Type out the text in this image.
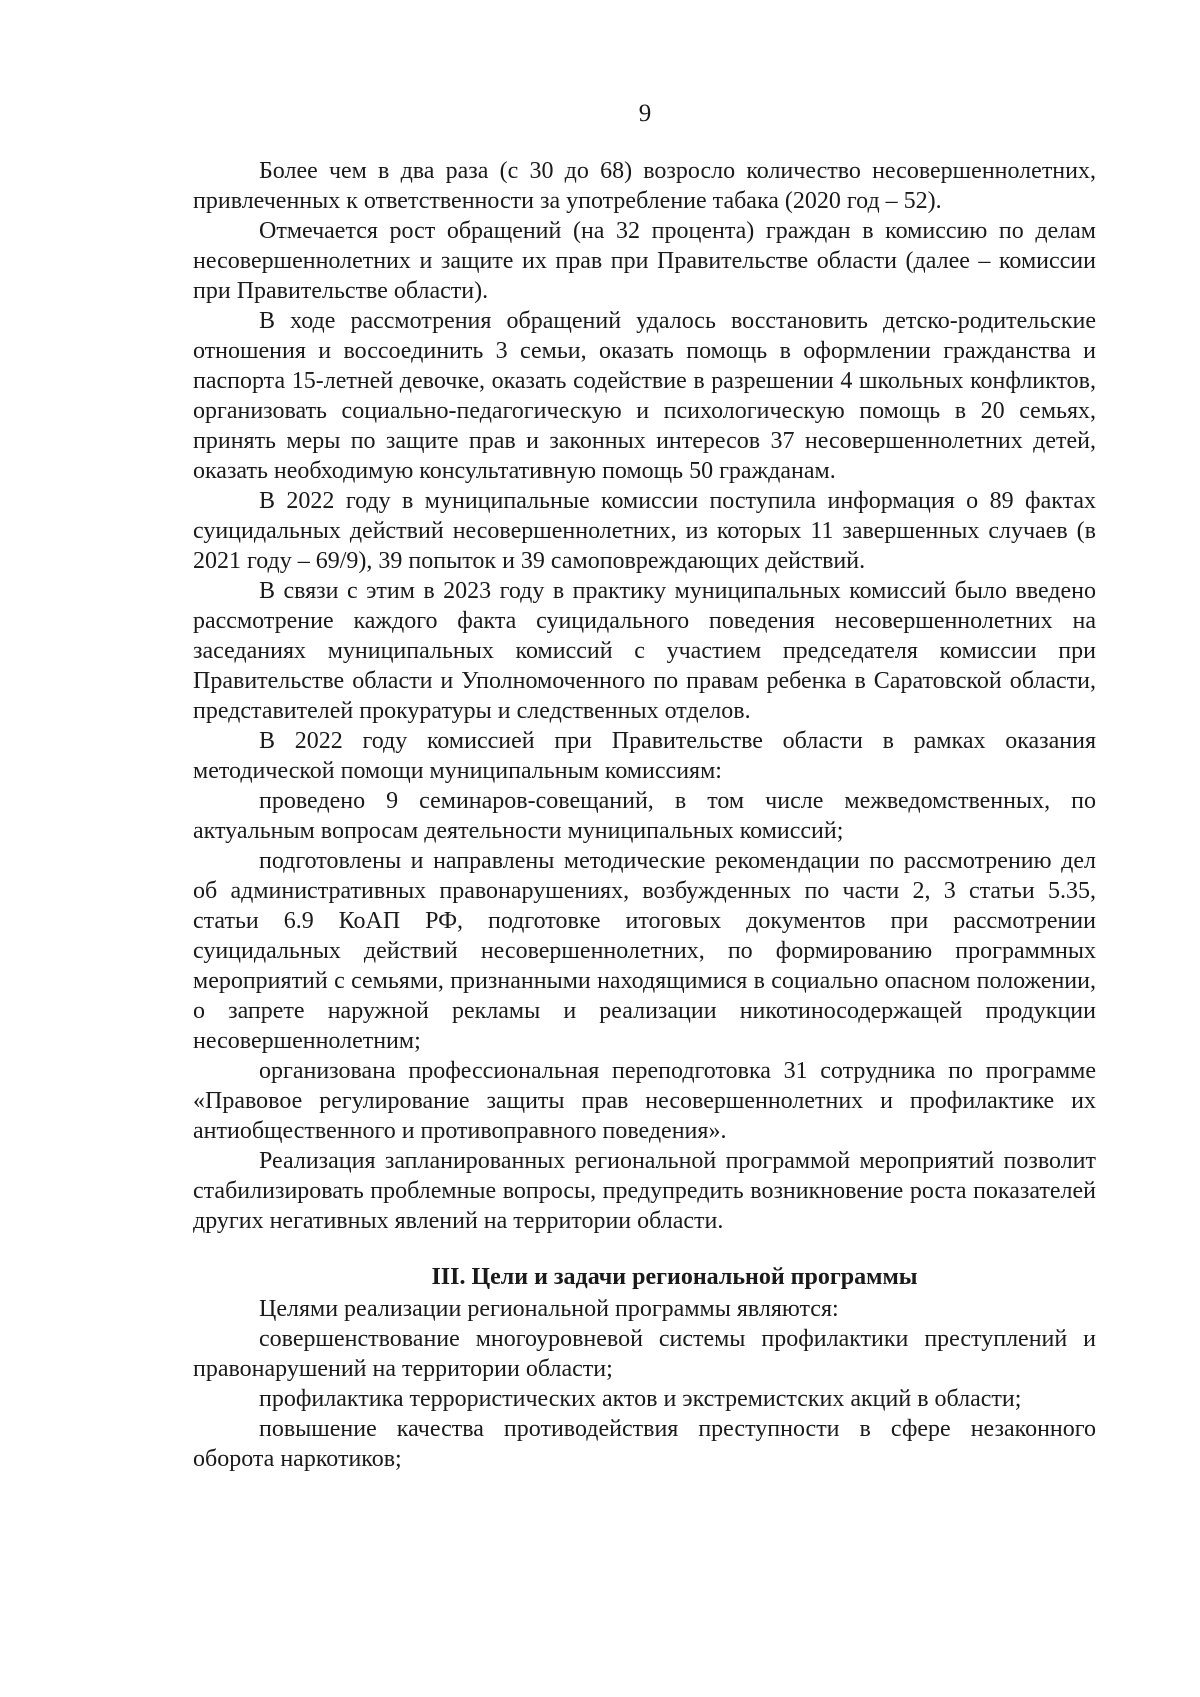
9

Более чем в два раза (с 30 до 68) возросло количество несовершеннолетних, привлеченных к ответственности за употребление табака (2020 год – 52).

Отмечается рост обращений (на 32 процента) граждан в комиссию по делам несовершеннолетних и защите их прав при Правительстве области (далее – комиссии при Правительстве области).

В ходе рассмотрения обращений удалось восстановить детско-родительские отношения и воссоединить 3 семьи, оказать помощь в оформлении гражданства и паспорта 15-летней девочке, оказать содействие в разрешении 4 школьных конфликтов, организовать социально-педагогическую и психологическую помощь в 20 семьях, принять меры по защите прав и законных интересов 37 несовершеннолетних детей, оказать необходимую консультативную помощь 50 гражданам.

В 2022 году в муниципальные комиссии поступила информация о 89 фактах суицидальных действий несовершеннолетних, из которых 11 завершенных случаев (в 2021 году – 69/9), 39 попыток и 39 самоповреждающих действий.

В связи с этим в 2023 году в практику муниципальных комиссий было введено рассмотрение каждого факта суицидального поведения несовершеннолетних на заседаниях муниципальных комиссий с участием председателя комиссии при Правительстве области и Уполномоченного по правам ребенка в Саратовской области, представителей прокуратуры и следственных отделов.

В 2022 году комиссией при Правительстве области в рамках оказания методической помощи муниципальным комиссиям:

проведено 9 семинаров-совещаний, в том числе межведомственных, по актуальным вопросам деятельности муниципальных комиссий;

подготовлены и направлены методические рекомендации по рассмотрению дел об административных правонарушениях, возбужденных по части 2, 3 статьи 5.35, статьи 6.9 КоАП РФ, подготовке итоговых документов при рассмотрении суицидальных действий несовершеннолетних, по формированию программных мероприятий с семьями, признанными находящимися в социально опасном положении, о запрете наружной рекламы и реализации никотиносодержащей продукции несовершеннолетним;

организована профессиональная переподготовка 31 сотрудника по программе «Правовое регулирование защиты прав несовершеннолетних и профилактике их антиобщественного и противоправного поведения».

Реализация запланированных региональной программой мероприятий позволит стабилизировать проблемные вопросы, предупредить возникновение роста показателей других негативных явлений на территории области.

III. Цели и задачи региональной программы

Целями реализации региональной программы являются:

совершенствование многоуровневой системы профилактики преступлений и правонарушений на территории области;

профилактика террористических актов и экстремистских акций в области;

повышение качества противодействия преступности в сфере незаконного оборота наркотиков;
